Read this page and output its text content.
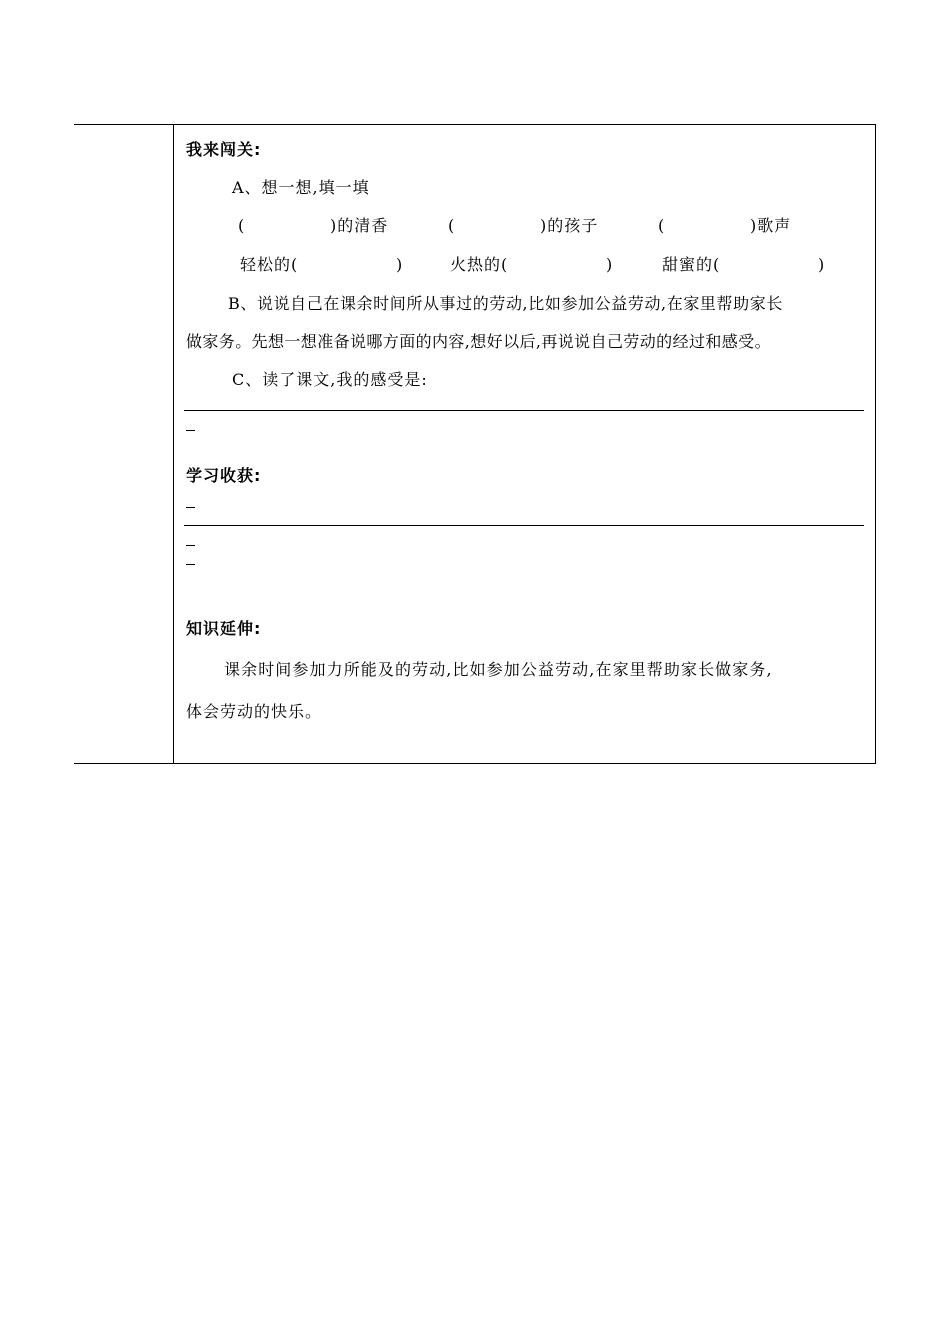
我来闯关:
A、想一想,填一填
(	)的清香	(	)的孩子	(	)歌声
轻松的(	)	火热的(	)	甜蜜的(	)
B、说说自己在课余时间所从事过的劳动,比如参加公益劳动,在家里帮助家长
做家务。先想一想准备说哪方面的内容,想好以后,再说说自己劳动的经过和感受。
C、读了课文,我的感受是:
学习收获:
知识延伸:
课余时间参加力所能及的劳动,比如参加公益劳动,在家里帮助家长做家务,
体会劳动的快乐。
